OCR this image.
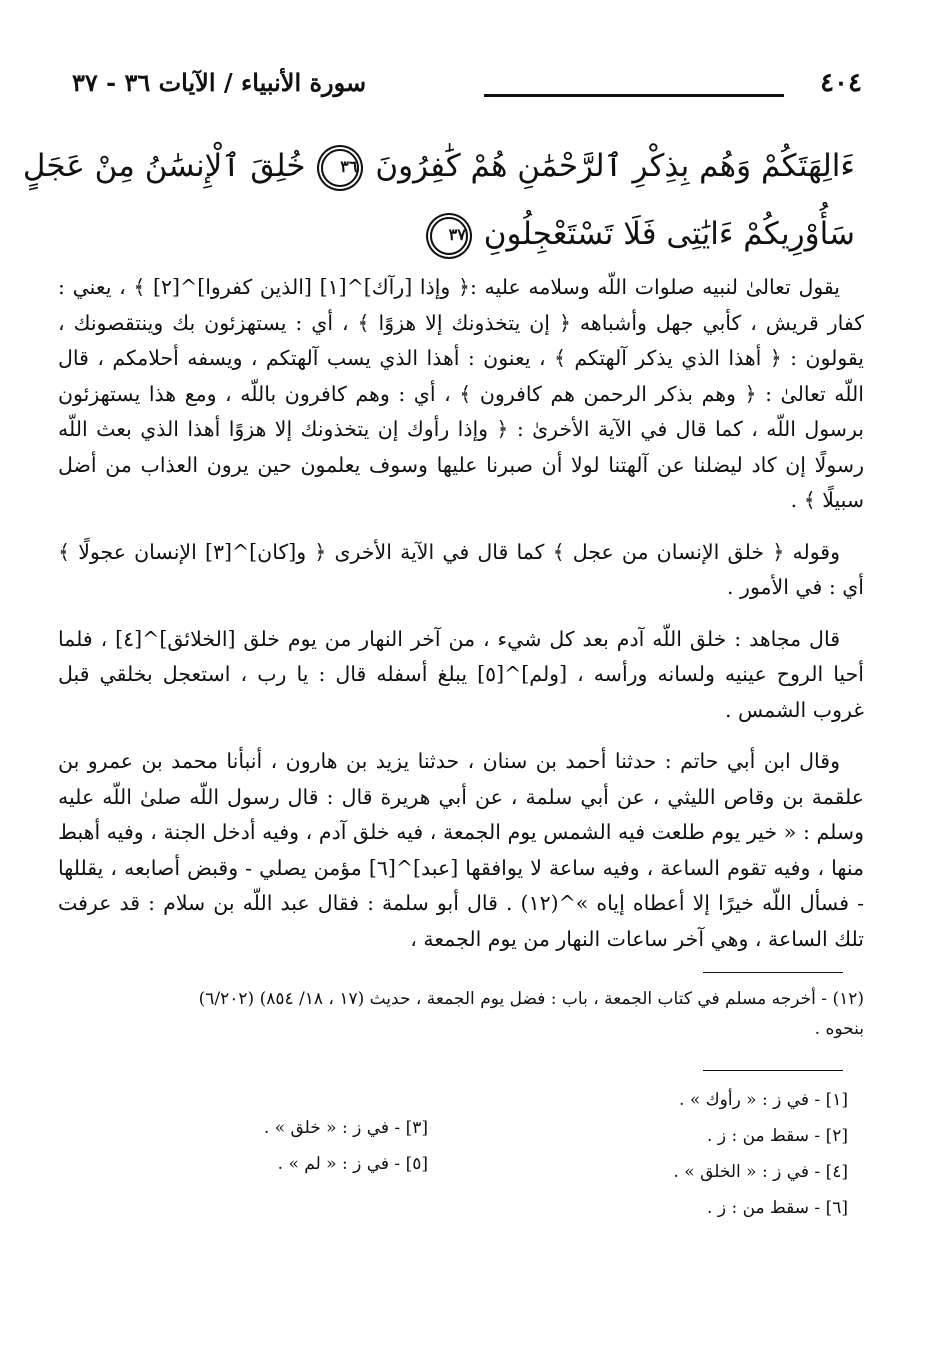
٤٠٤
سورة الأنبياء / الآيات ٣٦ - ٣٧
ءَالِهَتَكُمْ وَهُم بِذِكْرِ ٱلرَّحْمَٰنِ هُمْ كَٰفِرُونَ ٣٦ خُلِقَ ٱلْإِنسَٰنُ مِنْ عَجَلٍ
سَأُوْرِيكُمْ ءَايَٰتِى فَلَا تَسْتَعْجِلُونِ ٣٧

يقول تعالىٰ لنبيه صلوات اللّه وسلامه عليه :﴿ وإذا [رآك]^[١] [الذين كفروا]^[٢] ﴾ ، يعني : كفار قريش ، كأبي جهل وأشباهه ﴿ إن يتخذونك إلا هزوًا ﴾ ، أي : يستهزئون بك وينتقصونك ، يقولون : ﴿ أهذا الذي يذكر آلهتكم ﴾ ، يعنون : أهذا الذي يسب آلهتكم ، ويسفه أحلامكم ، قال اللّه تعالىٰ : ﴿ وهم بذكر الرحمن هم كافرون ﴾ ، أي : وهم كافرون باللّه ، ومع هذا يستهزئون برسول اللّه ، كما قال في الآية الأخرىٰ : ﴿ وإذا رأوك إن يتخذونك إلا هزوًا أهذا الذي بعث اللّه رسولًا إن كاد ليضلنا عن آلهتنا لولا أن صبرنا عليها وسوف يعلمون حين يرون العذاب من أضل سبيلًا ﴾ .

وقوله ﴿ خلق الإنسان من عجل ﴾ كما قال في الآية الأخرى ﴿ و[كان]^[٣] الإنسان عجولًا ﴾ أي : في الأمور .

قال مجاهد : خلق اللّه آدم بعد كل شيء ، من آخر النهار من يوم خلق [الخلائق]^[٤] ، فلما أحيا الروح عينيه ولسانه ورأسه ، [ولم]^[٥] يبلغ أسفله قال : يا رب ، استعجل بخلقي قبل غروب الشمس .

وقال ابن أبي حاتم : حدثنا أحمد بن سنان ، حدثنا يزيد بن هارون ، أنبأنا محمد بن عمرو بن علقمة بن وقاص الليثي ، عن أبي سلمة ، عن أبي هريرة قال : قال رسول اللّه صلىٰ اللّه عليه وسلم : « خير يوم طلعت فيه الشمس يوم الجمعة ، فيه خلق آدم ، وفيه أدخل الجنة ، وفيه أهبط منها ، وفيه تقوم الساعة ، وفيه ساعة لا يوافقها [عبد]^[٦] مؤمن يصلي - وقبض أصابعه ، يقللها - فسأل اللّه خيرًا إلا أعطاه إياه »^(١٢) . قال أبو سلمة : فقال عبد اللّه بن سلام : قد عرفت تلك الساعة ، وهي آخر ساعات النهار من يوم الجمعة ،

(١٢) - أخرجه مسلم في كتاب الجمعة ، باب : فضل يوم الجمعة ، حديث (١٧ ، ١٨/ ٨٥٤) (٦/٢٠٢)
بنحوه .
[١] - في ز : « رأوك » .
[٢] - سقط من : ز .
[٤] - في ز : « الخلق » .
[٦] - سقط من : ز .
[٣] - في ز : « خلق » .
[٥] - في ز : « لم » .
